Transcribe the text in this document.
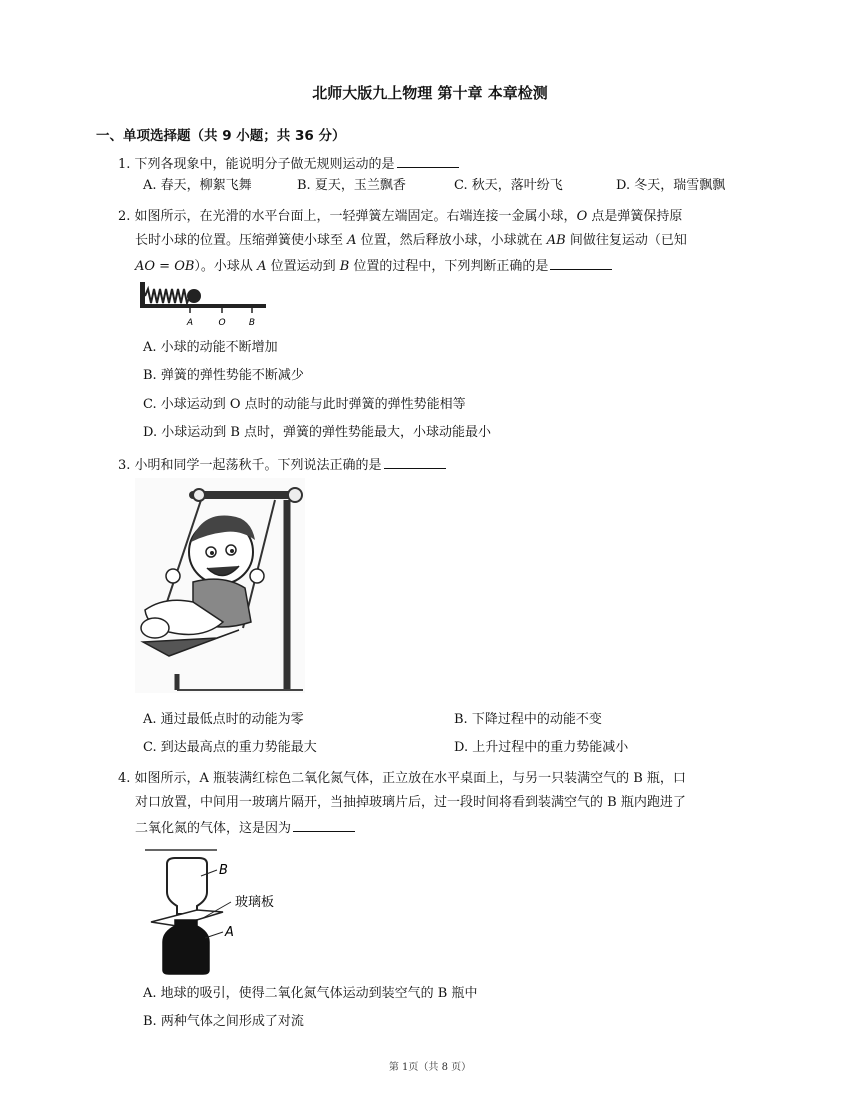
北师大版九上物理 第十章 本章检测
一、单项选择题（共 9 小题；共 36 分）
1. 下列各现象中，能说明分子做无规则运动的是
A. 春天，柳絮飞舞	B. 夏天，玉兰飘香	C. 秋天，落叶纷飞	D. 冬天，瑞雪飘飘
2. 如图所示，在光滑的水平台面上，一轻弹簧左端固定。右端连接一金属小球，O 点是弹簧保持原
长时小球的位置。压缩弹簧使小球至 A 位置，然后释放小球，小球就在 AB 间做往复运动（已知
AO = OB）。小球从 A 位置运动到 B 位置的过程中，下列判断正确的是
A	O	B
A. 小球的动能不断增加
B. 弹簧的弹性势能不断减少
C. 小球运动到 O 点时的动能与此时弹簧的弹性势能相等
D. 小球运动到 B 点时，弹簧的弹性势能最大，小球动能最小
3. 小明和同学一起荡秋千。下列说法正确的是
A. 通过最低点时的动能为零	B. 下降过程中的动能不变
C. 到达最高点的重力势能最大	D. 上升过程中的重力势能减小
4. 如图所示，A 瓶装满红棕色二氧化氮气体，正立放在水平桌面上，与另一只装满空气的 B 瓶，口
对口放置，中间用一玻璃片隔开，当抽掉玻璃片后，过一段时间将看到装满空气的 B 瓶内跑进了
二氧化氮的气体，这是因为
B
玻璃板
A
A. 地球的吸引，使得二氧化氮气体运动到装空气的 B 瓶中
B. 两种气体之间形成了对流
第 1页（共 8 页）
